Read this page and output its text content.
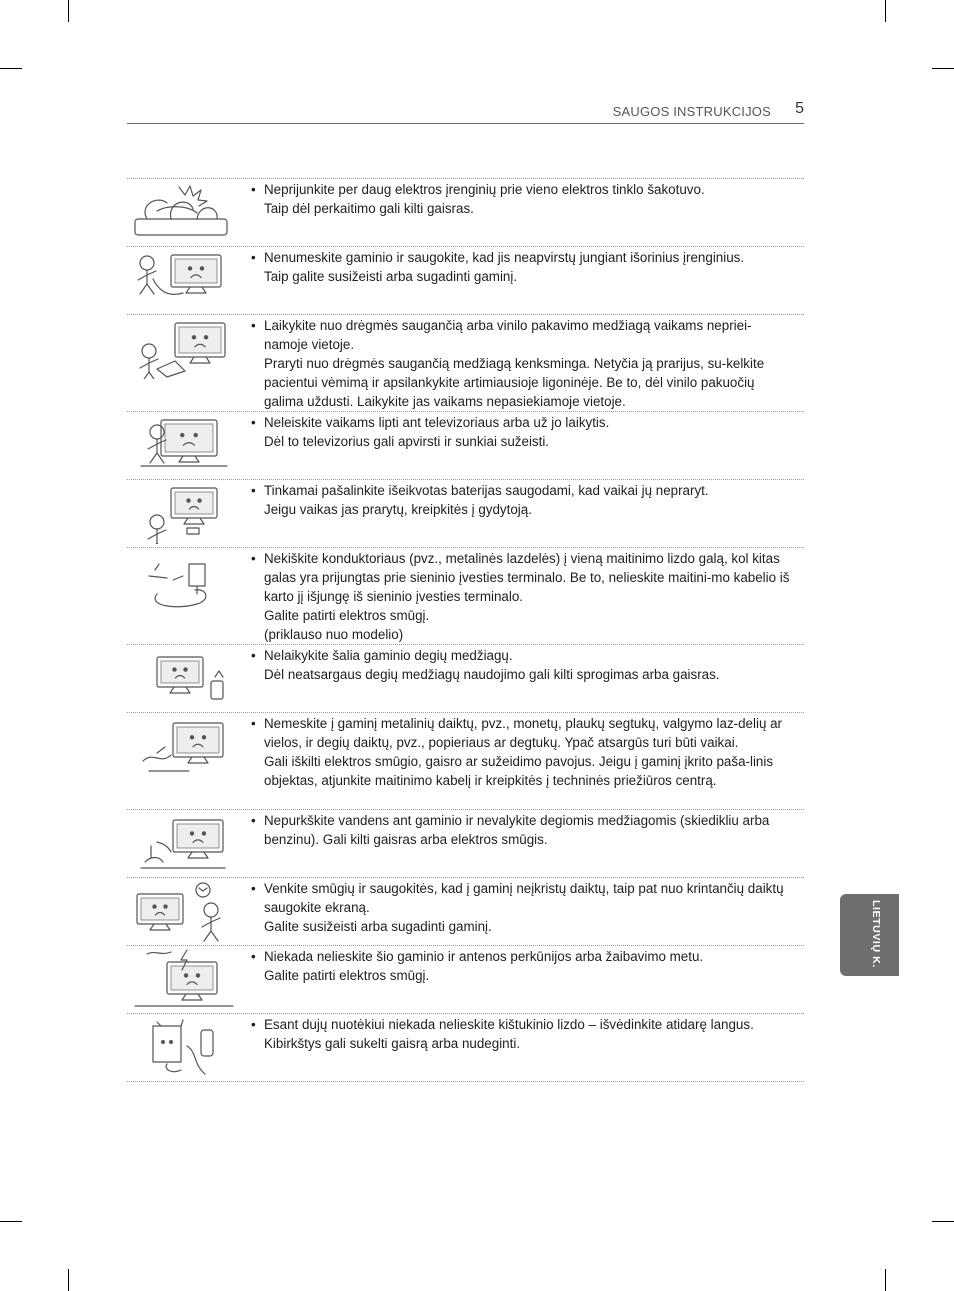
SAUGOS INSTRUKCIJOS 5
LIETUVIŲ K.
• Neprijunkite per daug elektros įrenginių prie vieno elektros tinklo šakotuvo.

Taip dėl perkaitimo gali kilti gaisras.

• Nenumeskite gaminio ir saugokite, kad jis neapvirstų jungiant išorinius įrenginius.

Taip galite susižeisti arba sugadinti gaminį.

• Laikykite nuo drėgmės saugančią arba vinilo pakavimo medžiagą vaikams nepriei-namoje vietoje.

Praryti nuo drėgmės saugančią medžiagą kenksminga. Netyčia ją prarijus, su-kelkite pacientui vėmimą ir apsilankykite artimiausioje ligoninėje. Be to, dėl vinilo pakuočių galima uždusti. Laikykite jas vaikams nepasiekiamoje vietoje.

• Neleiskite vaikams lipti ant televizoriaus arba už jo laikytis.

Dėl to televizorius gali apvirsti ir sunkiai sužeisti.

• Tinkamai pašalinkite išeikvotas baterijas saugodami, kad vaikai jų nepraryt.

Jeigu vaikas jas prarytų, kreipkitės į gydytoją.

• Nekiškite konduktoriaus (pvz., metalinės lazdelės) į vieną maitinimo lizdo galą, kol kitas galas yra prijungtas prie sieninio įvesties terminalo. Be to, nelieskite maitini-mo kabelio iš karto jį išjungę iš sieninio įvesties terminalo.

Galite patirti elektros smūgį.

(priklauso nuo modelio)

• Nelaikykite šalia gaminio degių medžiagų.

Dėl neatsargaus degių medžiagų naudojimo gali kilti sprogimas arba gaisras.

• Nemeskite į gaminį metalinių daiktų, pvz., monetų, plaukų segtukų, valgymo laz-delių ar vielos, ir degių daiktų, pvz., popieriaus ar degtukų. Ypač atsargūs turi būti vaikai.

Gali iškilti elektros smūgio, gaisro ar sužeidimo pavojus. Jeigu į gaminį įkrito paša-linis objektas, atjunkite maitinimo kabelį ir kreipkitės į techninės priežiūros centrą.

• Nepurkškite vandens ant gaminio ir nevalykite degiomis medžiagomis (skiedikliu arba benzinu). Gali kilti gaisras arba elektros smūgis.

• Venkite smūgių ir saugokitės, kad į gaminį neįkristų daiktų, taip pat nuo krintančių daiktų saugokite ekraną.

Galite susižeisti arba sugadinti gaminį.

• Niekada nelieskite šio gaminio ir antenos perkūnijos arba žaibavimo metu.

Galite patirti elektros smūgį.

• Esant dujų nuotėkiui niekada nelieskite kištukinio lizdo – išvėdinkite atidarę langus.

Kibirkštys gali sukelti gaisrą arba nudeginti.
